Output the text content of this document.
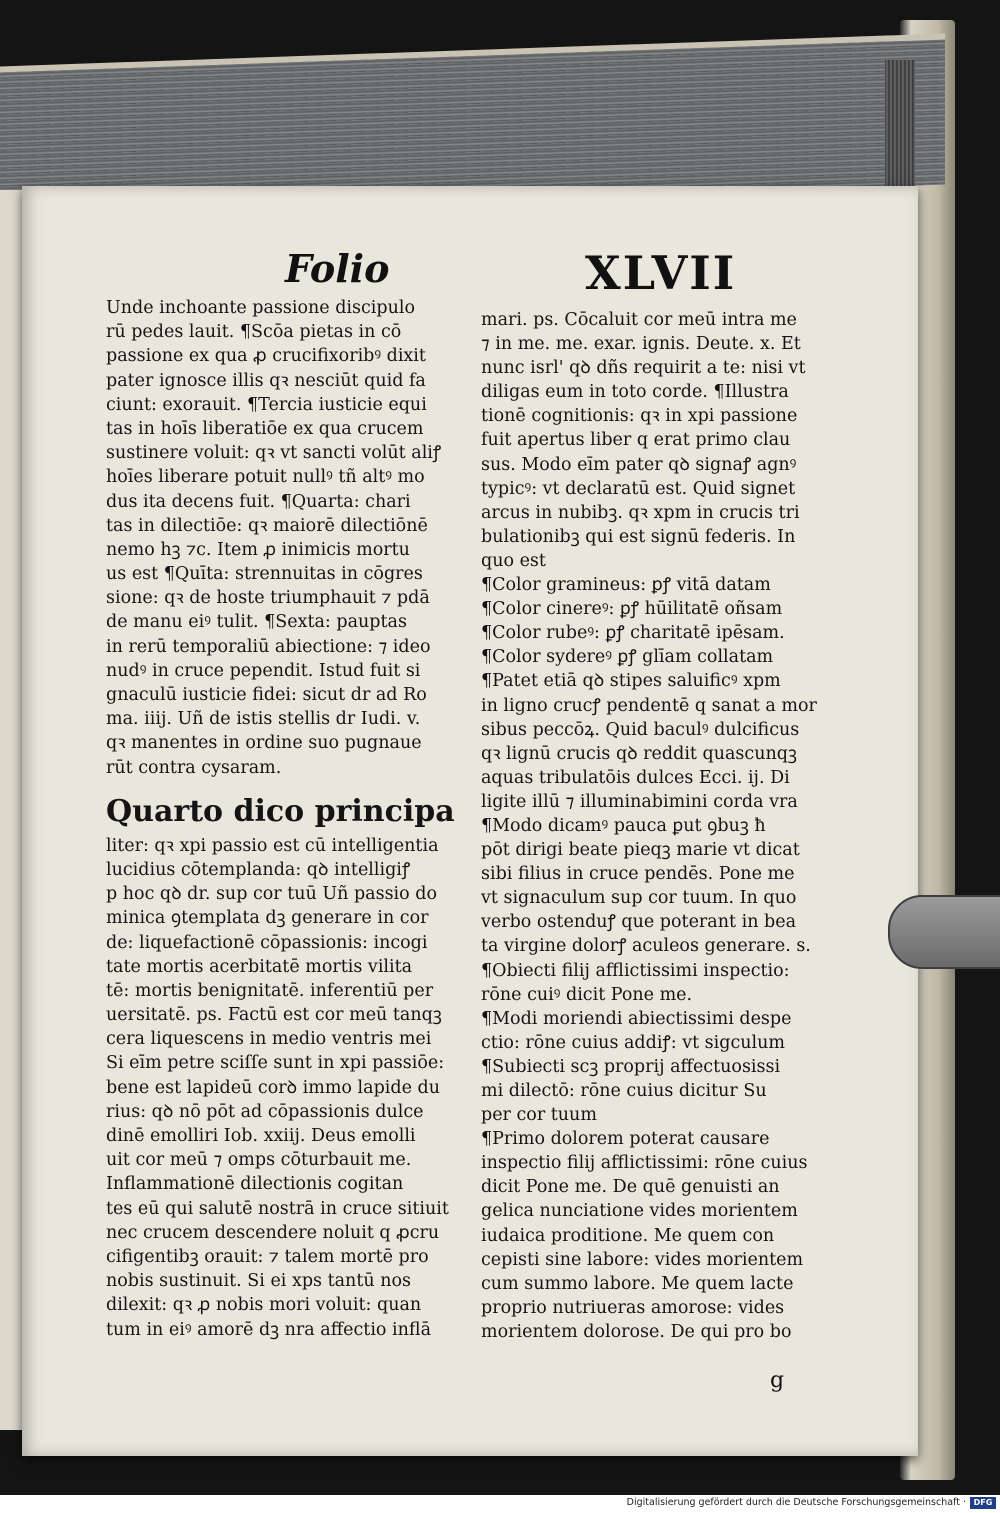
Folio	XLVII
Unde inchoante passione discipulo
rū pedes lauit. ¶Scōa pietas in cō
passione ex qua ꝓ crucifixoribꝰ dixit
pater ignosce illis qꝛ nesciūt quid fa
ciunt: exorauit. ¶Tercia iusticie equi
tas in hoīs liberatiōe ex qua crucem
sustinere voluit: qꝛ vt sancti volūt aliꝭ
hoīes liberare potuit nullꝰ tñ altꝰ mo
dus ita decens fuit. ¶Quarta: chari
tas in dilectiōe: qꝛ maiorē dilectiōnē
nemo hꝫ ⁊c. Item ꝓ inimicis mortu
us est ¶Quīta: strennuitas in cōgres
sione: qꝛ de hoste triumphauit ⁊ pdā
de manu eiꝰ tulit. ¶Sexta: pauptas
in rerū temporaliū abiectione: ⁊ ideo
nudꝰ in cruce pependit. Istud fuit si
gnaculū iusticie fidei: sicut dr ad Ro
ma. iiij. Uñ de istis stellis dr Iudi. v.
qꝛ manentes in ordine suo pugnaue
rūt contra cysaram.
Quarto dico principa
liter: qꝛ xpi passio est cū intelligentia
lucidius cōtemplanda: qꝺ intelligiꝭ
p hoc qꝺ dr. sup cor tuū Uñ passio do
minica ꝯtemplata dꝫ generare in cor
de: liquefactionē cōpassionis: incogi
tate mortis acerbitatē mortis vilita
tē: mortis benignitatē. inferentiū per
uersitatē. ps. Factū est cor meū tanqꝫ
cera liquescens in medio ventris mei
Si eīm petre sciſſe sunt in xpi passiōe:
bene est lapideū corꝺ immo lapide du
rius: qꝺ nō pōt ad cōpassionis dulce
dinē emolliri Iob. xxiij. Deus emolli
uit cor meū ⁊ omps cōturbauit me.
Inflammationē dilectionis cogitan
tes eū qui salutē nostrā in cruce sitiuit
nec crucem descendere noluit q ꝓcru
cifigentibꝫ orauit: ⁊ talem mortē pro
nobis sustinuit. Si ei xps tantū nos
dilexit: qꝛ ꝓ nobis mori voluit: quan
tum in eiꝰ amorē dꝫ nra affectio inflā
mari. ps. Cōcaluit cor meū intra me
⁊ in me. me. exar. ignis. Deute. x. Et
nunc isrl' qꝺ dñs requirit a te: nisi vt
diligas eum in toto corde. ¶Illustra
tionē cognitionis: qꝛ in xpi passione
fuit apertus liber q erat primo clau
sus. Modo eīm pater qꝺ signaꝭ agnꝰ
typicꝰ: vt declaratū est. Quid signet
arcus in nubibꝫ. qꝛ xpm in crucis tri
bulationibꝫ qui est signū federis. In
quo est
¶Color gramineus: ꝑꝭ vitā datam
¶Color cinereꝰ: ꝑꝭ hūilitatē oñsam
¶Color rubeꝰ: ꝑꝭ charitatē ipēsam.
¶Color sydereꝰ ꝑꝭ glīam collatam
¶Patet etiā qꝺ stipes saluificꝰ xpm
in ligno crucꝭ pendentē q sanat a mor
sibus peccōꝝ. Quid baculꝰ dulcificus
qꝛ lignū crucis qꝺ reddit quascunqꝫ
aquas tribulatōis dulces Ecci. ij. Di
ligite illū ⁊ illuminabimini corda vra
¶Modo dicamꝰ pauca ꝑut ꝯbuꝫ ħ
pōt dirigi beate pieqꝫ marie vt dicat
sibi filius in cruce pendēs. Pone me
vt signaculum sup cor tuum. In quo
verbo ostenduꝭ que poterant in bea
ta virgine dolorꝭ aculeos generare. s.
¶Obiecti filij afflictissimi inspectio:
rōne cuiꝰ dicit Pone me.
¶Modi moriendi abiectissimi despe
ctio: rōne cuius addiꝭ: vt sigculum
¶Subiecti scꝫ proprij affectuosissi
mi dilectō: rōne cuius dicitur Su
per cor tuum
¶Primo dolorem poterat causare
inspectio filij afflictissimi: rōne cuius
dicit Pone me. De quē genuisti an
gelica nunciatione vides morientem
iudaica proditione. Me quem con
cepisti sine labore: vides morientem
cum summo labore. Me quem lacte
proprio nutriueras amorose: vides
morientem dolorose. De qui pro bo
g
Digitalisierung gefördert durch die Deutsche Forschungsgemeinschaft · DFG
